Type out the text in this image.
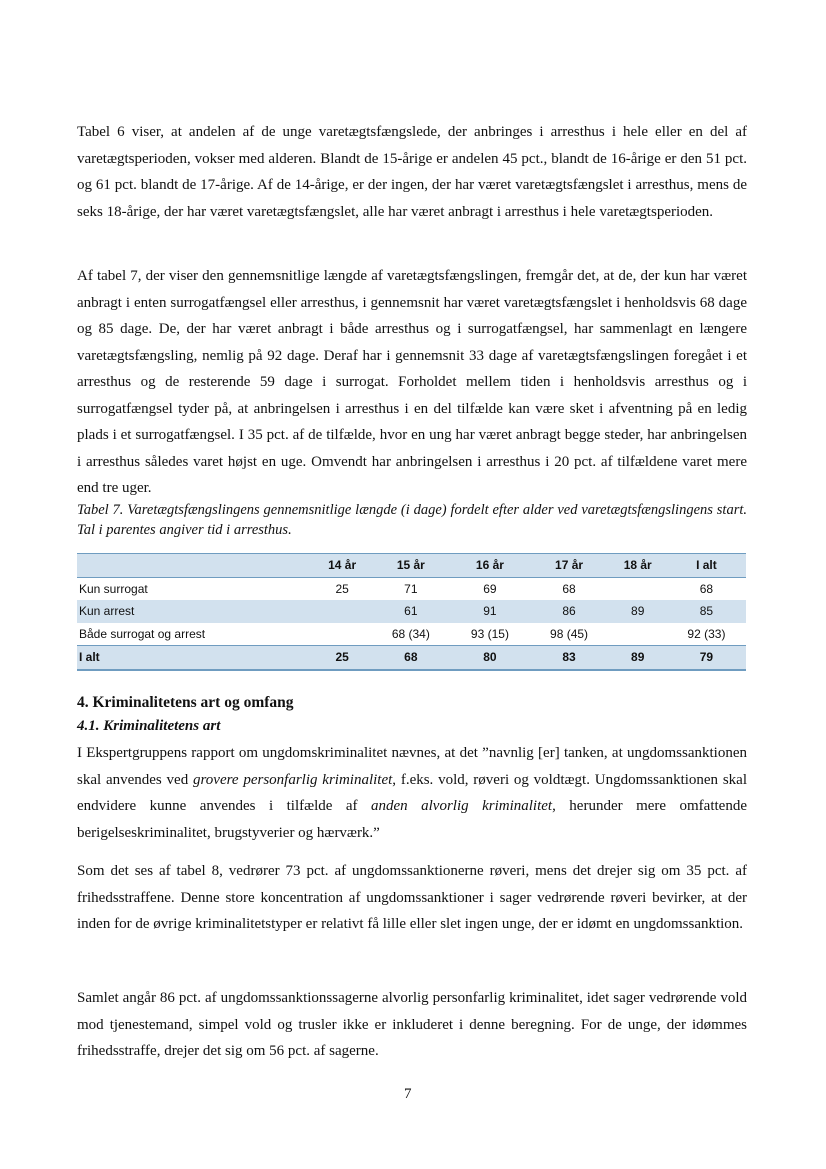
Tabel 6 viser, at andelen af de unge varetægtsfængslede, der anbringes i arresthus i hele eller en del af varetægtsperioden, vokser med alderen. Blandt de 15-årige er andelen 45 pct., blandt de 16-årige er den 51 pct. og 61 pct. blandt de 17-årige. Af de 14-årige, er der ingen, der har været varetægtsfængslet i arresthus, mens de seks 18-årige, der har været varetægtsfængslet, alle har været anbragt i arresthus i hele varetægtsperioden.

Af tabel 7, der viser den gennemsnitlige længde af varetægtsfængslingen, fremgår det, at de, der kun har været anbragt i enten surrogatfængsel eller arresthus, i gennemsnit har været varetægtsfængslet i henholdsvis 68 dage og 85 dage. De, der har været anbragt i både arresthus og i surrogatfængsel, har sammenlagt en længere varetægtsfængsling, nemlig på 92 dage. Deraf har i gennemsnit 33 dage af varetægtsfængslingen foregået i et arresthus og de resterende 59 dage i surrogat. Forholdet mellem tiden i henholdsvis arresthus og i surrogatfængsel tyder på, at anbringelsen i arresthus i en del tilfælde kan være sket i afventning på en ledig plads i et surrogatfængsel. I 35 pct. af de tilfælde, hvor en ung har været anbragt begge steder, har anbringelsen i arresthus således varet højst en uge. Omvendt har anbringelsen i arresthus i 20 pct. af tilfældene varet mere end tre uger.

Tabel 7. Varetægtsfængslingens gennemsnitlige længde (i dage) fordelt efter alder ved varetægtsfængslingens start. Tal i parentes angiver tid i arresthus.

	14 år	15 år	16 år	17 år	18 år	I alt
Kun surrogat	25	71	69	68		68
Kun arrest		61	91	86	89	85
Både surrogat og arrest		68 (34)	93 (15)	98 (45)		92 (33)
I alt	25	68	80	83	89	79
4. Kriminalitetens art og omfang
4.1. Kriminalitetens art

I Ekspertgruppens rapport om ungdomskriminalitet nævnes, at det ”navnlig [er] tanken, at ungdomssanktionen skal anvendes ved grovere personfarlig kriminalitet, f.eks. vold, røveri og voldtægt. Ungdomssanktionen skal endvidere kunne anvendes i tilfælde af anden alvorlig kriminalitet, herunder mere omfattende berigelseskriminalitet, brugstyverier og hærværk.”

Som det ses af tabel 8, vedrører 73 pct. af ungdomssanktionerne røveri, mens det drejer sig om 35 pct. af frihedsstraffene. Denne store koncentration af ungdomssanktioner i sager vedrørende røveri bevirker, at der inden for de øvrige kriminalitetstyper er relativt få lille eller slet ingen unge, der er idømt en ungdomssanktion.

Samlet angår 86 pct. af ungdomssanktionssagerne alvorlig personfarlig kriminalitet, idet sager vedrørende vold mod tjenestemand, simpel vold og trusler ikke er inkluderet i denne beregning. For de unge, der idømmes frihedsstraffe, drejer det sig om 56 pct. af sagerne.

7
